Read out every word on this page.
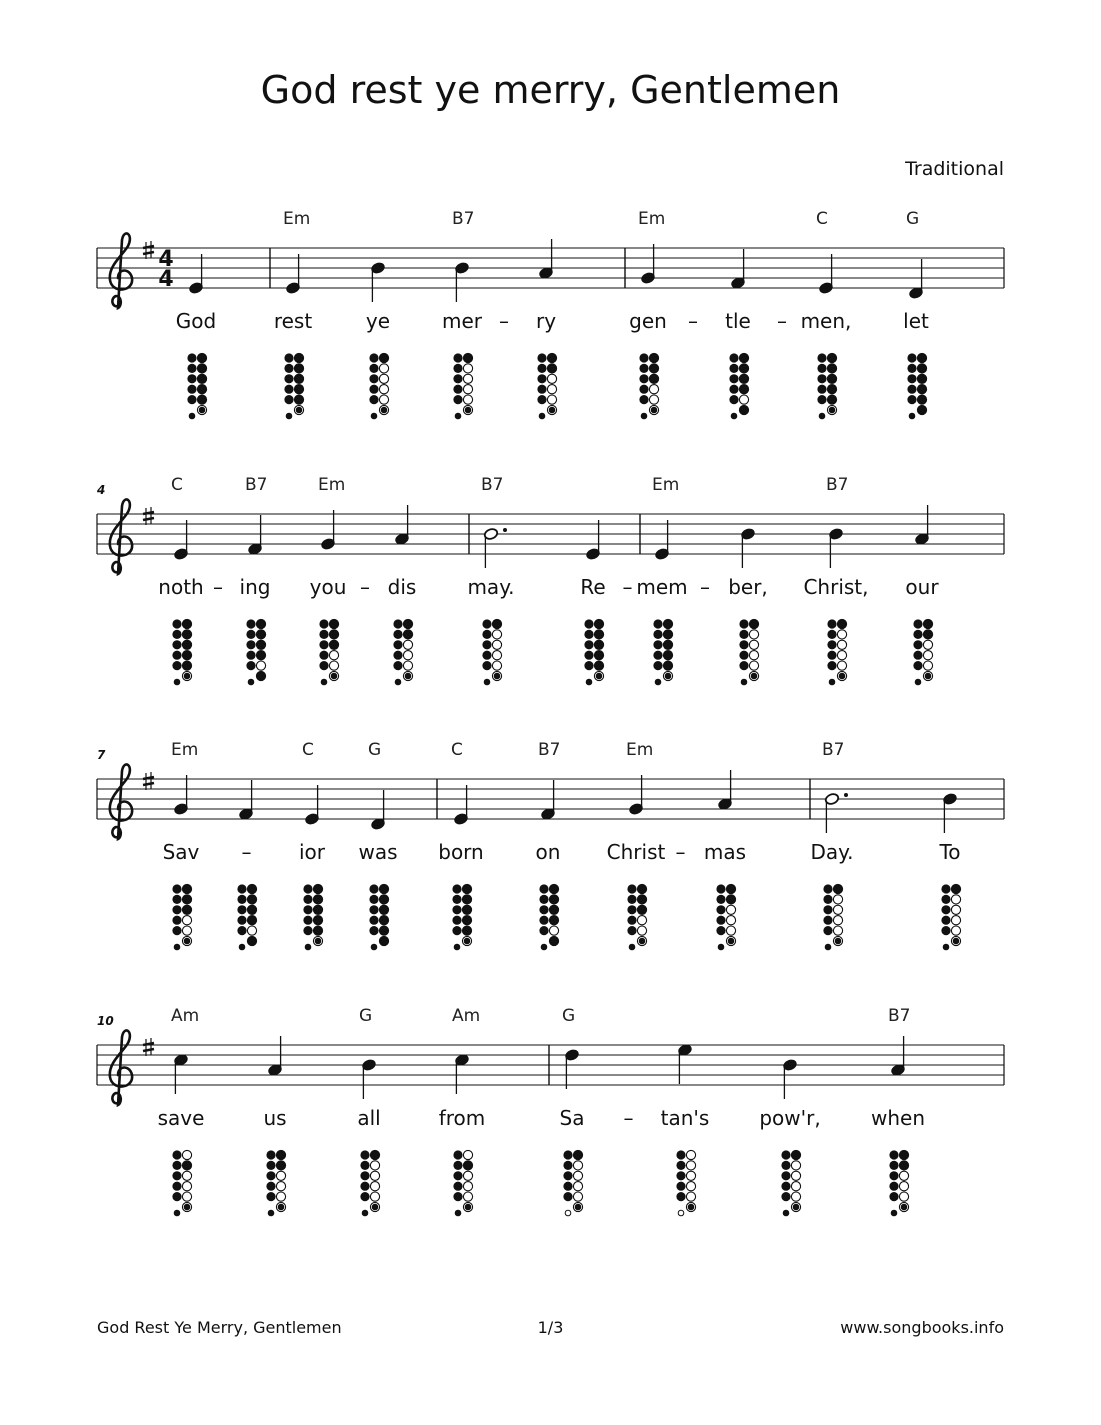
God rest ye merry, Gentlemen
Traditional
4
4
God
Em
rest	ye
B7
mer	ry
Em
gen	tle
C
men,
G
let
–	–	–
4	C
noth
B7
ing
Em
you dis
B7
may.	Re
Em
mem ber,
B7
Christ, our
–	–	–	–
7	Em
Sav
C
ior
G
was
C
born
B7
on
Em
Christ mas
B7
Day.	To
–	–
10	Am
save	us
G
all
Am
from
G
Sa	tan's pow'r,
B7
when
–
God Rest Ye Merry, Gentlemen	1/3	www.songbooks.info
